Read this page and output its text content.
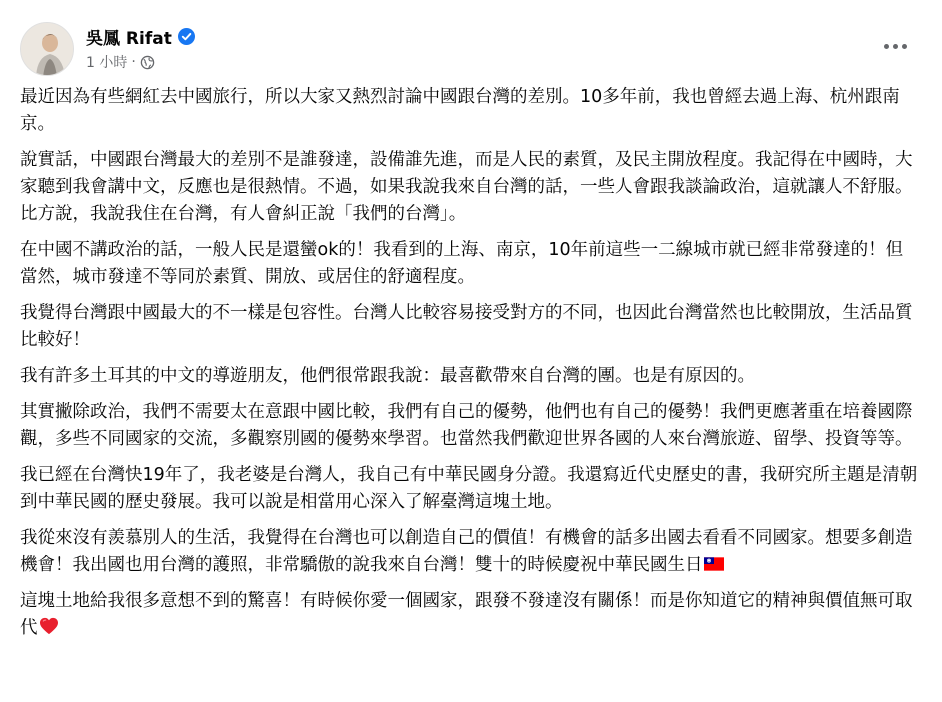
吳鳳 Rifat
1 小時 ·

最近因為有些網紅去中國旅行，所以大家又熱烈討論中國跟台灣的差別。10多年前，我也曾經去過上海、杭州跟南京。

說實話，中國跟台灣最大的差別不是誰發達，設備誰先進，而是人民的素質，及民主開放程度。我記得在中國時，大家聽到我會講中文，反應也是很熱情。不過，如果我說我來自台灣的話，一些人會跟我談論政治，這就讓人不舒服。比方說，我說我住在台灣，有人會糾正說「我們的台灣」。

在中國不講政治的話，一般人民是還蠻ok的！我看到的上海、南京，10年前這些一二線城市就已經非常發達的！但當然，城市發達不等同於素質、開放、或居住的舒適程度。

我覺得台灣跟中國最大的不一樣是包容性。台灣人比較容易接受對方的不同，也因此台灣當然也比較開放，生活品質比較好！

我有許多土耳其的中文的導遊朋友，他們很常跟我說：最喜歡帶來自台灣的團。也是有原因的。

其實撇除政治，我們不需要太在意跟中國比較，我們有自己的優勢，他們也有自己的優勢！我們更應著重在培養國際觀，多些不同國家的交流，多觀察別國的優勢來學習。也當然我們歡迎世界各國的人來台灣旅遊、留學、投資等等。

我已經在台灣快19年了，我老婆是台灣人，我自己有中華民國身分證。我還寫近代史歷史的書，我研究所主題是清朝到中華民國的歷史發展。我可以說是相當用心深入了解臺灣這塊土地。

我從來沒有羨慕別人的生活，我覺得在台灣也可以創造自己的價值！有機會的話多出國去看看不同國家。想要多創造機會！我出國也用台灣的護照，非常驕傲的說我來自台灣！雙十的時候慶祝中華民國生日

這塊土地給我很多意想不到的驚喜！有時候你愛一個國家，跟發不發達沒有關係！而是你知道它的精神與價值無可取代
